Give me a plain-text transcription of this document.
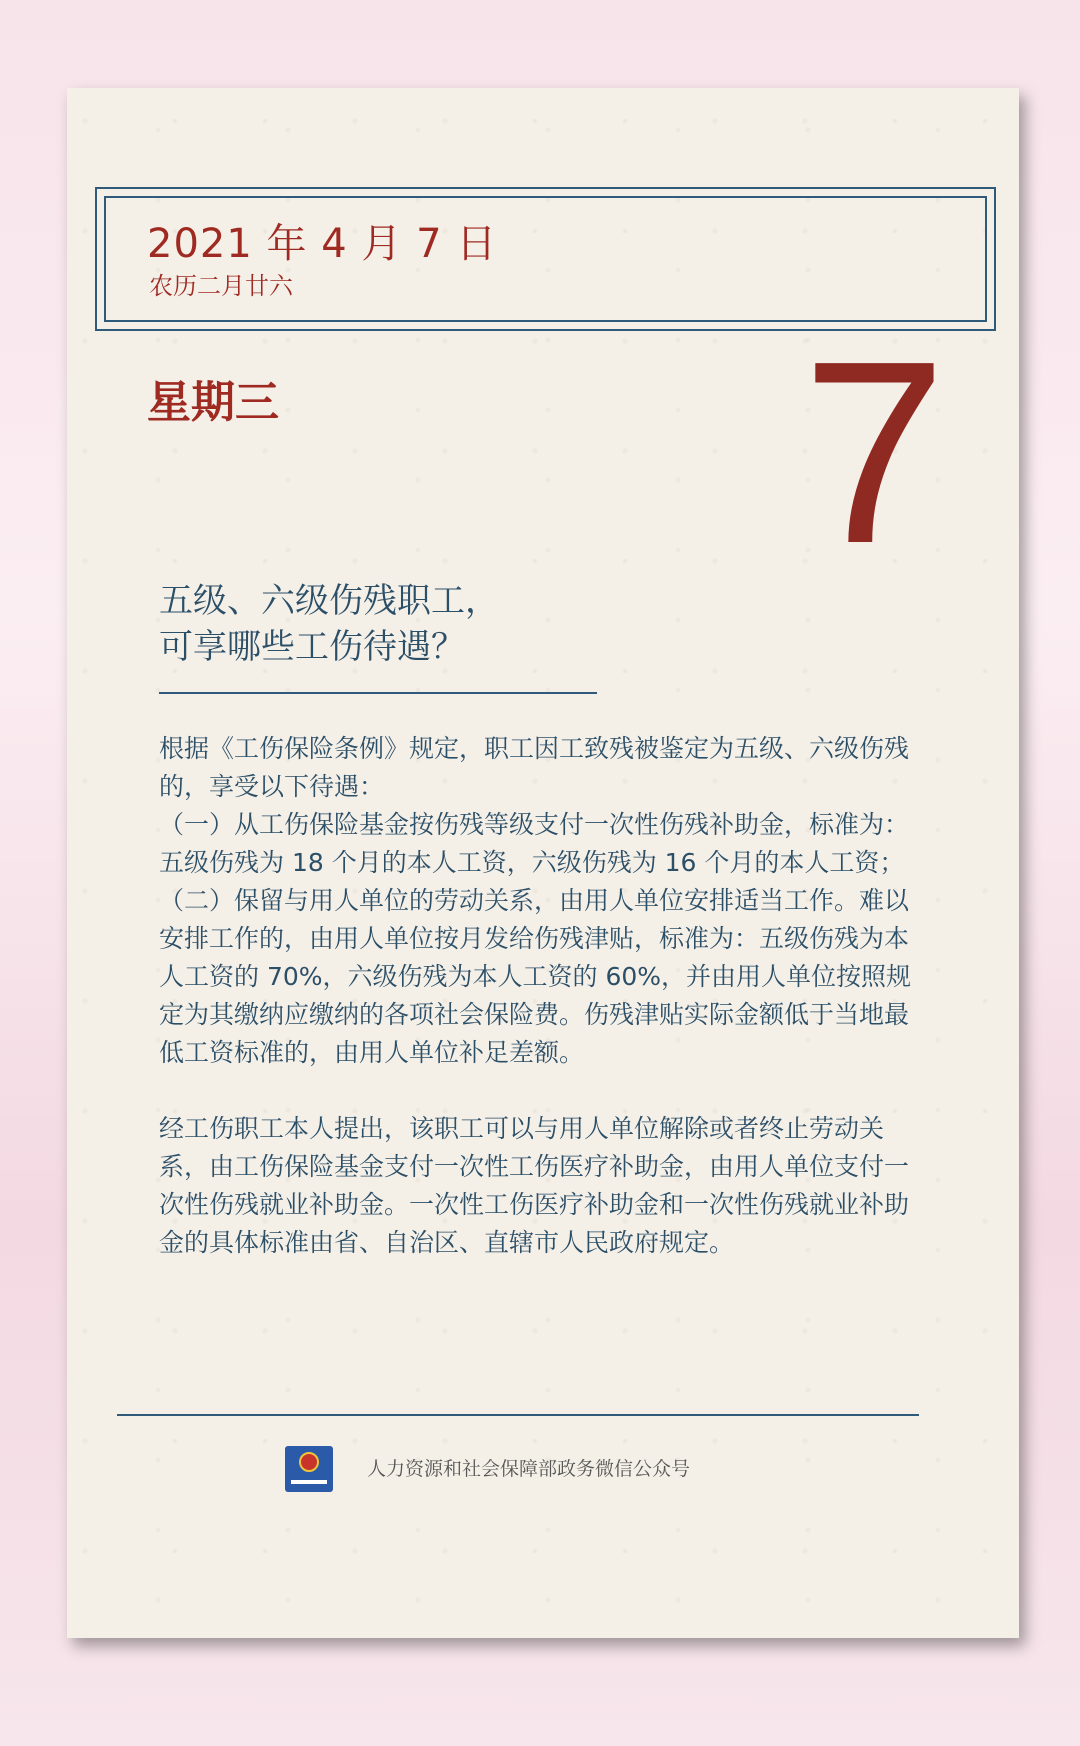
2021 年 4 月 7 日

农历二月廿六

星期三 7

五级、六级伤残职工，
可享哪些工伤待遇？

根据《工伤保险条例》规定，职工因工致残被鉴定为五级、六级伤残的，享受以下待遇：

（一）从工伤保险基金按伤残等级支付一次性伤残补助金，标准为：五级伤残为 18 个月的本人工资，六级伤残为 16 个月的本人工资；

（二）保留与用人单位的劳动关系，由用人单位安排适当工作。难以安排工作的，由用人单位按月发给伤残津贴，标准为：五级伤残为本人工资的 70%，六级伤残为本人工资的 60%，并由用人单位按照规定为其缴纳应缴纳的各项社会保险费。伤残津贴实际金额低于当地最低工资标准的，由用人单位补足差额。

经工伤职工本人提出，该职工可以与用人单位解除或者终止劳动关系，由工伤保险基金支付一次性工伤医疗补助金，由用人单位支付一次性伤残就业补助金。一次性工伤医疗补助金和一次性伤残就业补助金的具体标准由省、自治区、直辖市人民政府规定。

人力资源和社会保障部政务微信公众号
